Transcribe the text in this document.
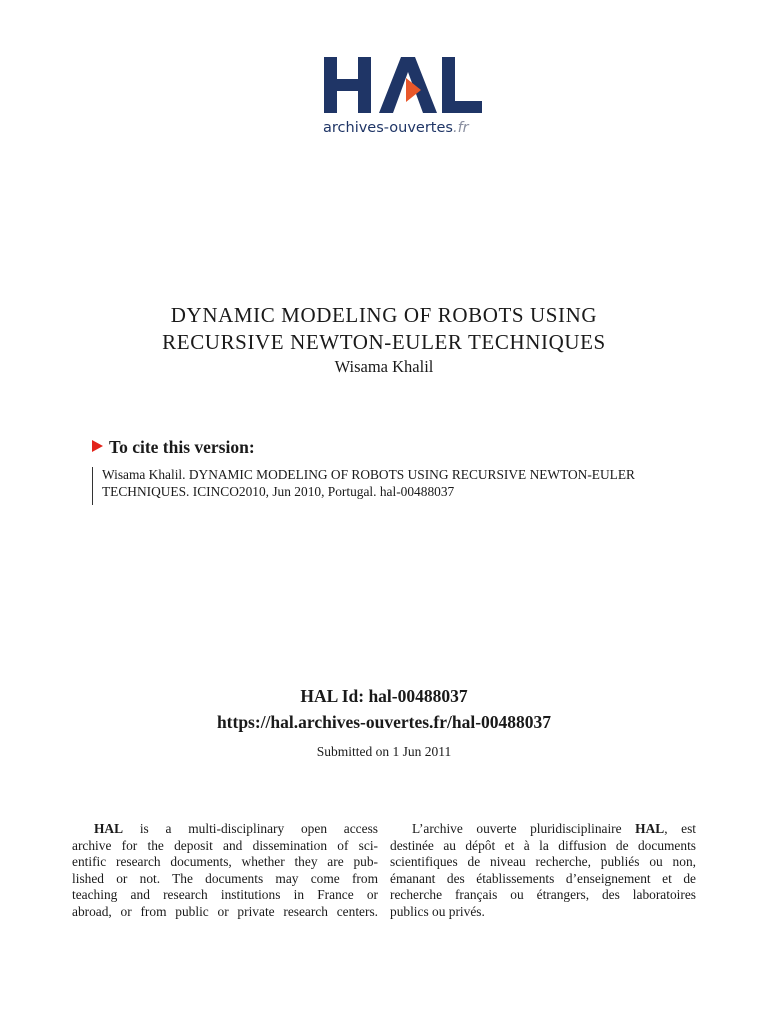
archives-ouvertes.fr
DYNAMIC MODELING OF ROBOTS USING
RECURSIVE NEWTON-EULER TECHNIQUES
Wisama Khalil
To cite this version:
Wisama Khalil. DYNAMIC MODELING OF ROBOTS USING RECURSIVE NEWTON-EULER
TECHNIQUES. ICINCO2010, Jun 2010, Portugal. hal-00488037
HAL Id: hal-00488037
https://hal.archives-ouvertes.fr/hal-00488037
Submitted on 1 Jun 2011
HAL is a multi-disciplinary open access
archive for the deposit and dissemination of sci-
entific research documents, whether they are pub-
lished or not. The documents may come from
teaching and research institutions in France or
abroad, or from public or private research centers.
L’archive ouverte pluridisciplinaire HAL, est
destinée au dépôt et à la diffusion de documents
scientifiques de niveau recherche, publiés ou non,
émanant des établissements d’enseignement et de
recherche français ou étrangers, des laboratoires
publics ou privés.
